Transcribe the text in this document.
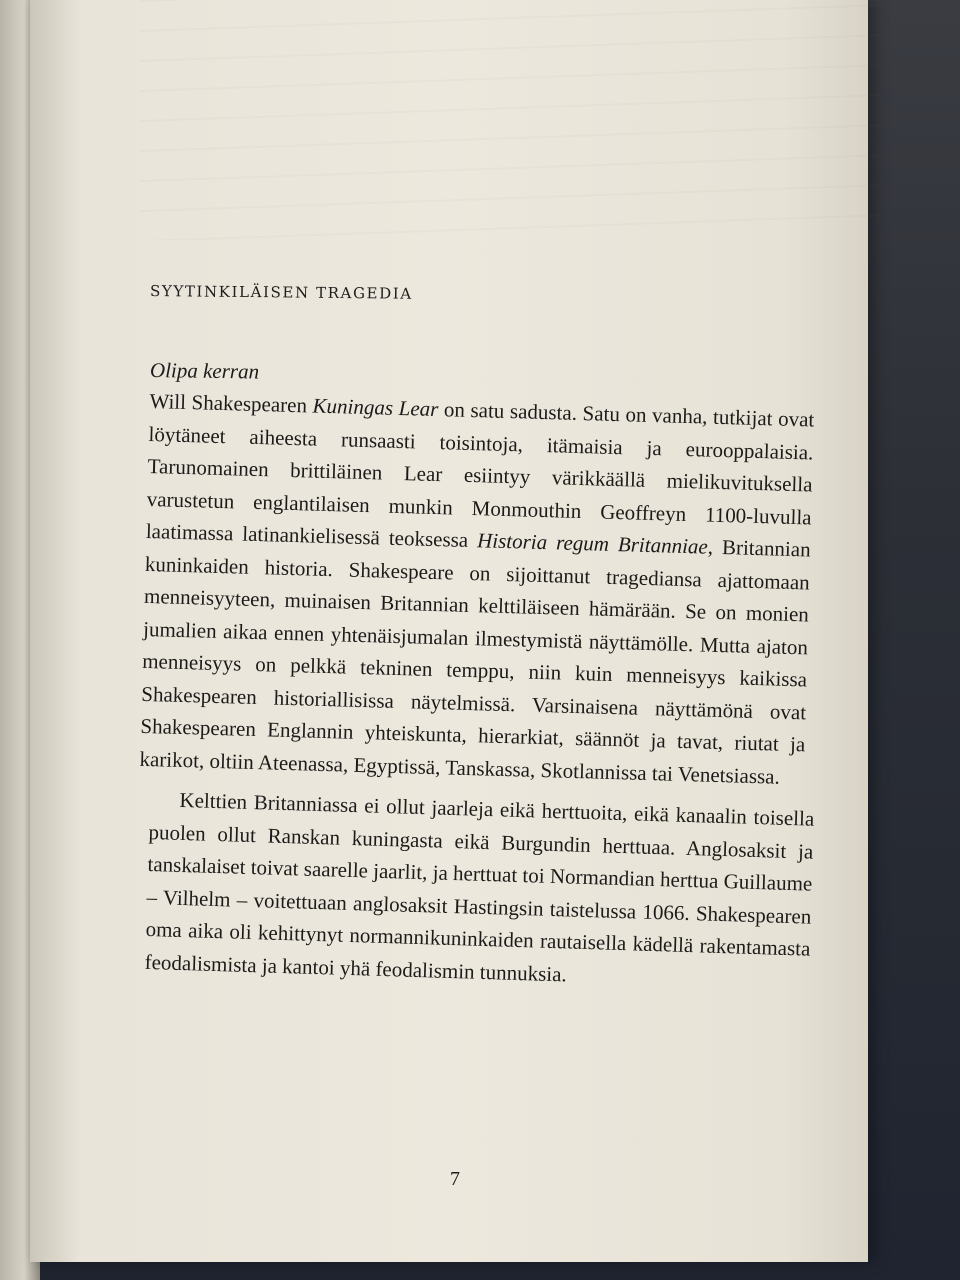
SYYTINKILÄISEN TRAGEDIA
Olipa kerran

Will Shakespearen Kuningas Lear on satu sadusta. Satu on vanha, tutkijat ovat löytäneet aiheesta runsaasti toisintoja, itämaisia ja eurooppalaisia. Tarunomainen brittiläinen Lear esiintyy värikkäällä mielikuvituksella varustetun englantilaisen munkin Monmouthin Geoffreyn 1100-luvulla laatimassa latinankielisessä teoksessa Historia regum Britanniae, Britannian kuninkaiden historia. Shakespeare on sijoittanut tragediansa ajattomaan menneisyyteen, muinaisen Britannian kelttiläiseen hämärään. Se on monien jumalien aikaa ennen yhtenäisjumalan ilmestymistä näyttämölle. Mutta ajaton menneisyys on pelkkä tekninen temppu, niin kuin menneisyys kaikissa Shakespearen historiallisissa näytelmissä. Varsinaisena näyttämönä ovat Shakespearen Englannin yhteiskunta, hierarkiat, säännöt ja tavat, riutat ja karikot, oltiin Ateenassa, Egyptissä, Tanskassa, Skotlannissa tai Venetsiassa.

Kelttien Britanniassa ei ollut jaarleja eikä herttuoita, eikä kanaalin toisella puolen ollut Ranskan kuningasta eikä Burgundin herttuaa. Anglosaksit ja tanskalaiset toivat saarelle jaarlit, ja herttuat toi Normandian herttua Guillaume – Vilhelm – voitettuaan anglosaksit Hastingsin taistelussa 1066. Shakespearen oma aika oli kehittynyt normannikuninkaiden rautaisella kädellä rakentamasta feodalismista ja kantoi yhä feodalismin tunnuksia.

7
